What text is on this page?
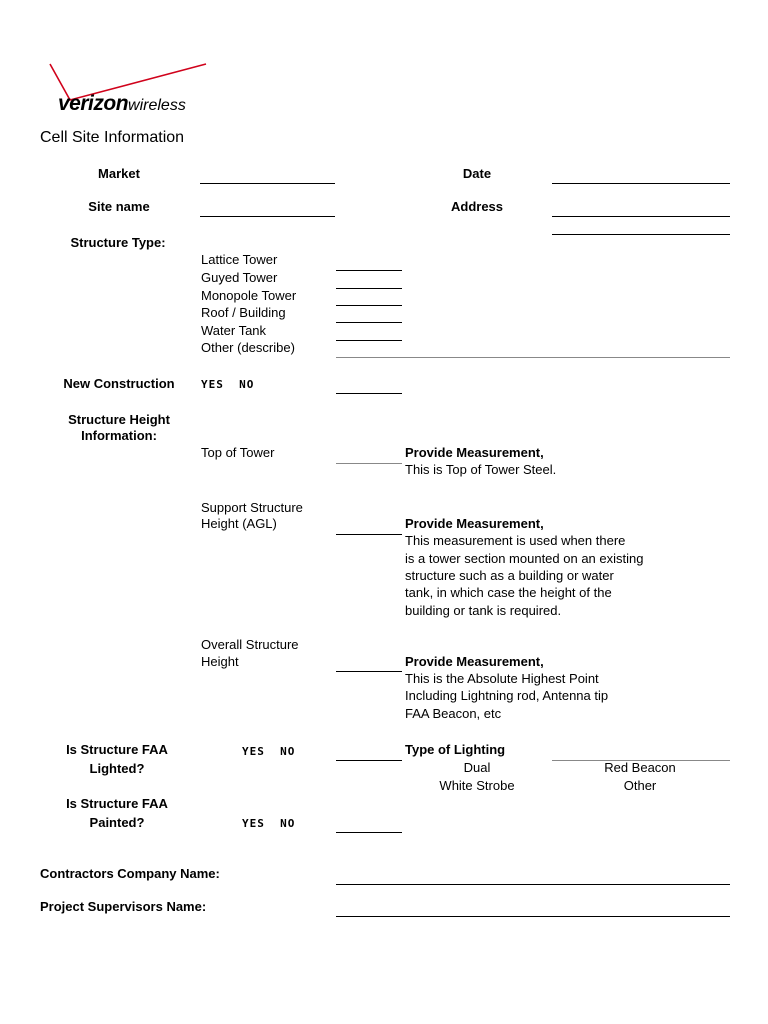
verizonwireless
Cell Site Information
Market	Date
Site name	Address
Structure Type:
Lattice Tower
Guyed Tower
Monopole Tower
Roof / Building
Water Tank
Other (describe)
New Construction	YES  NO
Structure Height
Information:
Top of Tower	Provide Measurement,
This is Top of Tower Steel.
Support Structure
Height (AGL)	Provide Measurement,
This measurement is used when there
is a tower section mounted on an existing
structure such as a building or water
tank, in which case the height of the
building or tank is required.
Overall Structure
Height	Provide Measurement,
This is the Absolute Highest Point
Including Lightning rod, Antenna tip
FAA Beacon, etc
Is Structure FAA
Lighted?
YES  NO	Type of Lighting
Dual	Red Beacon
White Strobe	Other
Is Structure FAA
Painted?	YES  NO
Contractors Company Name:
Project Supervisors Name:
